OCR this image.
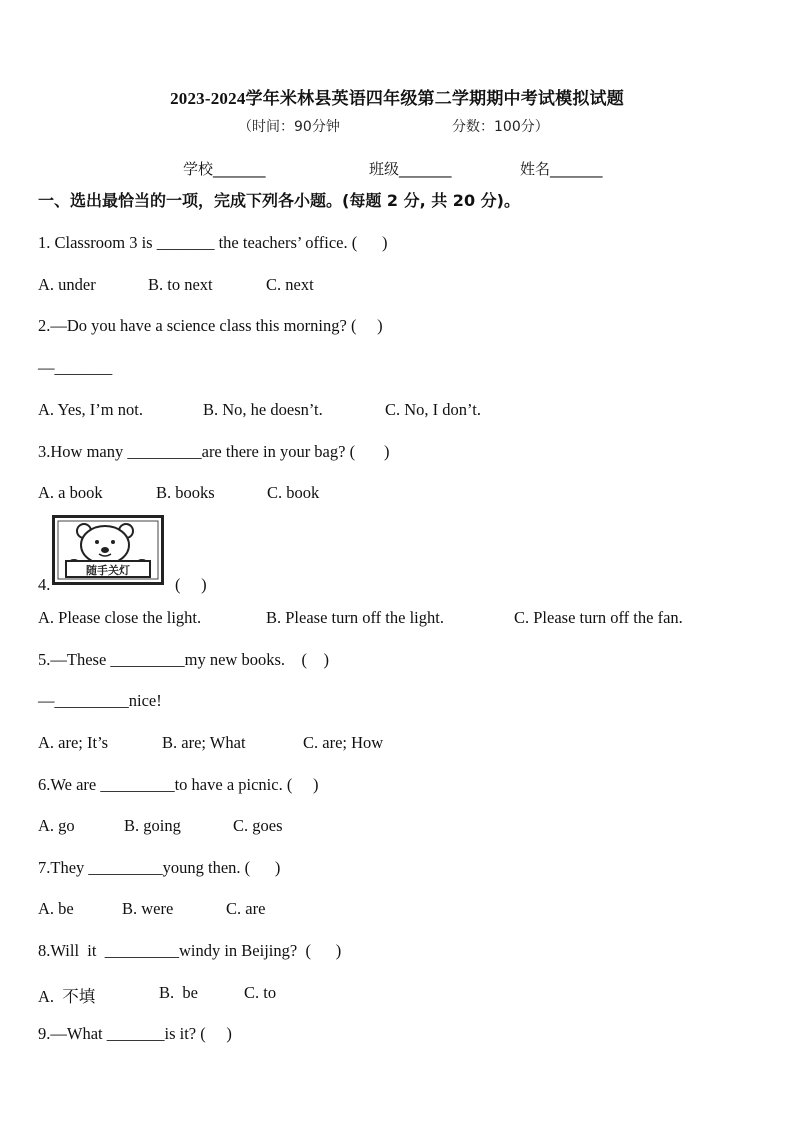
2023-2024学年米林县英语四年级第二学期期中考试模拟试题
（时间：90分钟	分数：100分）
学校_______	班级_______	姓名_______
一、选出最恰当的一项，完成下列各小题。(每题 2 分, 共 20 分)。
1. Classroom 3 is _______ the teachers’ office. (      )
A. under	B. to next	C. next
2.—Do you have a science class this morning? (     )
—_______
A. Yes, I’m not.	B. No, he doesn’t.	C. No, I don’t.
3.How many _________are there in your bag? (       )
A. a book	B. books	C. book
4.
随手关灯
(     )
A. Please close the light.	B. Please turn off the light.	C. Please turn off the fan.
5.—These _________my new books.    (    )
—_________nice!
A. are; It’s	B. are; What	C. are; How
6.We are _________to have a picnic. (     )
A. go	B. going	C. goes
7.They _________young then. (      )
A. be	B. were	C. are
8.Will  it  _________windy in Beijing?  (      )
A.  不填	B.  be	C. to
9.—What _______is it? (     )
